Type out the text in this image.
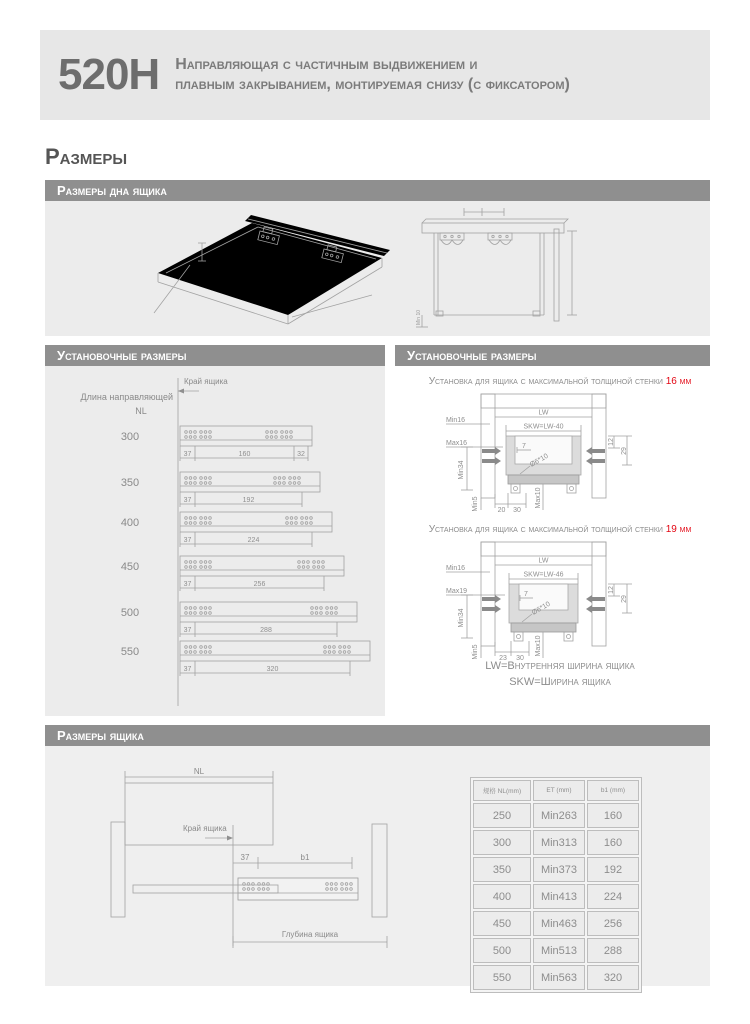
520H Направляющая с частичным выдвижением и
плавным закрыванием, монтируемая снизу (с фиксатором)
Размеры
Размеры дна ящика
Min 10
Установочные размеры
Край ящика
Длина направляющей
NL
300
37	160	32
350
37	192
400
37	224
450
37	256
500
37	288
550
37	320
Установочные размеры
Установка для ящика с максимальной толщиной стенки 16 мм
LW
SKW=LW-40
Min16
Max16	7
Ø6*10
Min34
Min5	20 30
Max10
12
29
Установка для ящика с максимальной толщиной стенки 19 мм
LW
SKW=LW-46
Min16
Max19	7
Ø6*10
Min34
Min5	23 30
Max10
12
29
LW=Внутренняя ширина ящика
SKW=Ширина ящика
Размеры ящика
NL
Край ящика
37	b1
Глубина ящика
规格 NL(mm)	ET (mm)	b1 (mm)
250	Min263	160
300	Min313	160
350	Min373	192
400	Min413	224
450	Min463	256
500	Min513	288
550	Min563	320
